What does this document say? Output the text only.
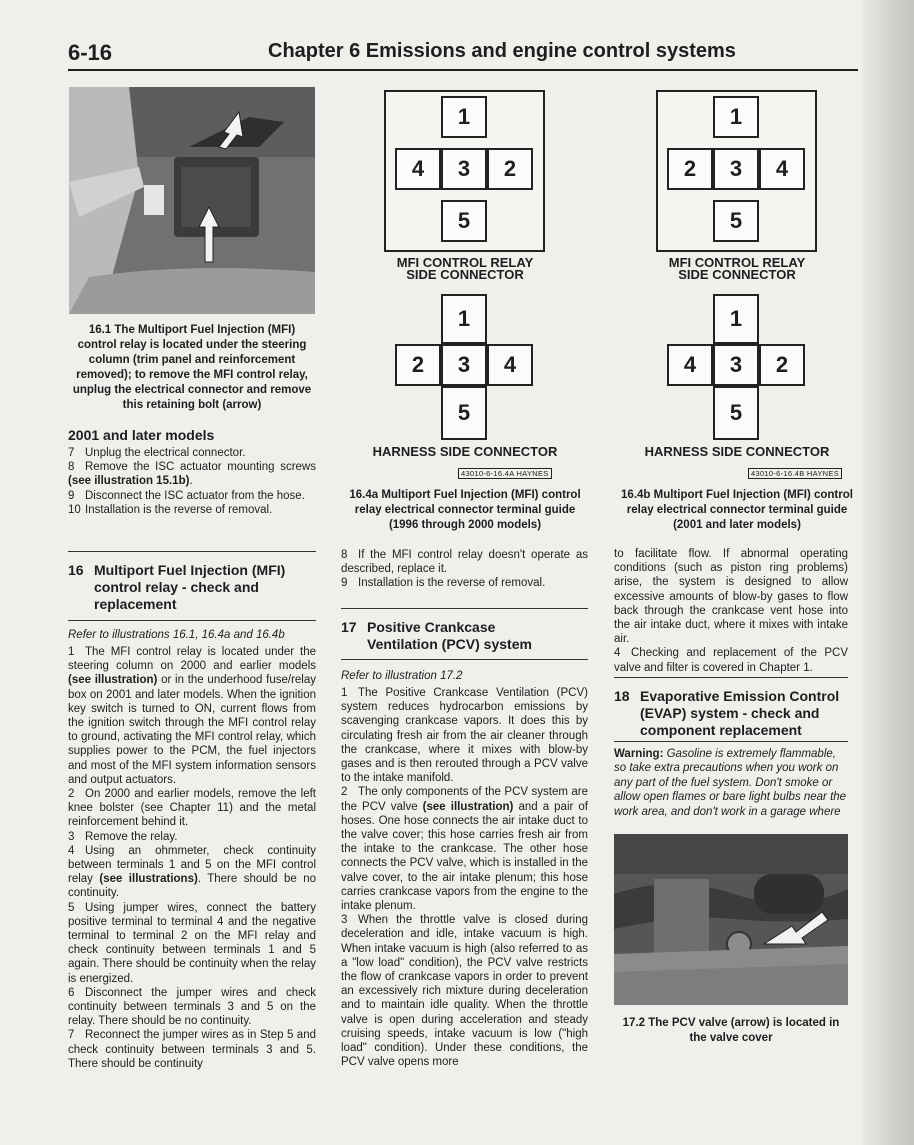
6-16	Chapter 6 Emissions and engine control systems
16.1 The Multiport Fuel Injection (MFI) control relay is located under the steering column (trim panel and reinforcement removed); to remove the MFI control relay, unplug the electrical connector and remove this retaining bolt (arrow)
2001 and later models
7 Unplug the electrical connector.
8 Remove the ISC actuator mounting screws (see illustration 15.1b).
9 Disconnect the ISC actuator from the hose.
10 Installation is the reverse of removal.
16 Multiport Fuel Injection (MFI) control relay - check and replacement
Refer to illustrations 16.1, 16.4a and 16.4b
1 The MFI control relay is located under the steering column on 2000 and earlier models (see illustration) or in the underhood fuse/relay box on 2001 and later models. When the ignition key switch is turned to ON, current flows from the ignition switch through the MFI control relay to ground, activating the MFI control relay, which supplies power to the PCM, the fuel injectors and most of the MFI system information sensors and output actuators.
2 On 2000 and earlier models, remove the left knee bolster (see Chapter 11) and the metal reinforcement behind it.
3 Remove the relay.
4 Using an ohmmeter, check continuity between terminals 1 and 5 on the MFI control relay (see illustrations). There should be no continuity.
5 Using jumper wires, connect the battery positive terminal to terminal 4 and the negative terminal to terminal 2 on the MFI relay and check continuity between terminals 1 and 5 again. There should be continuity when the relay is energized.
6 Disconnect the jumper wires and check continuity between terminals 3 and 5 on the relay. There should be no continuity.
7 Reconnect the jumper wires as in Step 5 and check continuity between terminals 3 and 5. There should be continuity
1
4	3	2
5
MFI CONTROL RELAY
SIDE CONNECTOR
1
2	3	4
5
HARNESS SIDE CONNECTOR
43010-6-16.4A HAYNES
16.4a Multiport Fuel Injection (MFI) control relay electrical connector terminal guide (1996 through 2000 models)
1
2	3	4
5
MFI CONTROL RELAY
SIDE CONNECTOR
1
4	3	2
5
HARNESS SIDE CONNECTOR
43010-6-16.4B HAYNES
16.4b Multiport Fuel Injection (MFI) control relay electrical connector terminal guide (2001 and later models)
8 If the MFI control relay doesn't operate as described, replace it.
9 Installation is the reverse of removal.
17 Positive Crankcase Ventilation (PCV) system
Refer to illustration 17.2
1 The Positive Crankcase Ventilation (PCV) system reduces hydrocarbon emissions by scavenging crankcase vapors. It does this by circulating fresh air from the air cleaner through the crankcase, where it mixes with blow-by gases and is then rerouted through a PCV valve to the intake manifold.
2 The only components of the PCV system are the PCV valve (see illustration) and a pair of hoses. One hose connects the air intake duct to the valve cover; this hose carries fresh air from the intake to the crankcase. The other hose connects the PCV valve, which is installed in the valve cover, to the air intake plenum; this hose carries crankcase vapors from the engine to the intake plenum.
3 When the throttle valve is closed during deceleration and idle, intake vacuum is high. When intake vacuum is high (also referred to as a "low load" condition), the PCV valve restricts the flow of crankcase vapors in order to prevent an excessively rich mixture during deceleration and to maintain idle quality. When the throttle valve is open during acceleration and steady cruising speeds, intake vacuum is low ("high load" condition). Under these conditions, the PCV valve opens more
to facilitate flow. If abnormal operating conditions (such as piston ring problems) arise, the system is designed to allow excessive amounts of blow-by gases to flow back through the crankcase vent hose into the air intake duct, where it mixes with intake air.
4 Checking and replacement of the PCV valve and filter is covered in Chapter 1.
18 Evaporative Emission Control (EVAP) system - check and component replacement
Warning: Gasoline is extremely flammable, so take extra precautions when you work on any part of the fuel system. Don't smoke or allow open flames or bare light bulbs near the work area, and don't work in a garage where
17.2 The PCV valve (arrow) is located in the valve cover
